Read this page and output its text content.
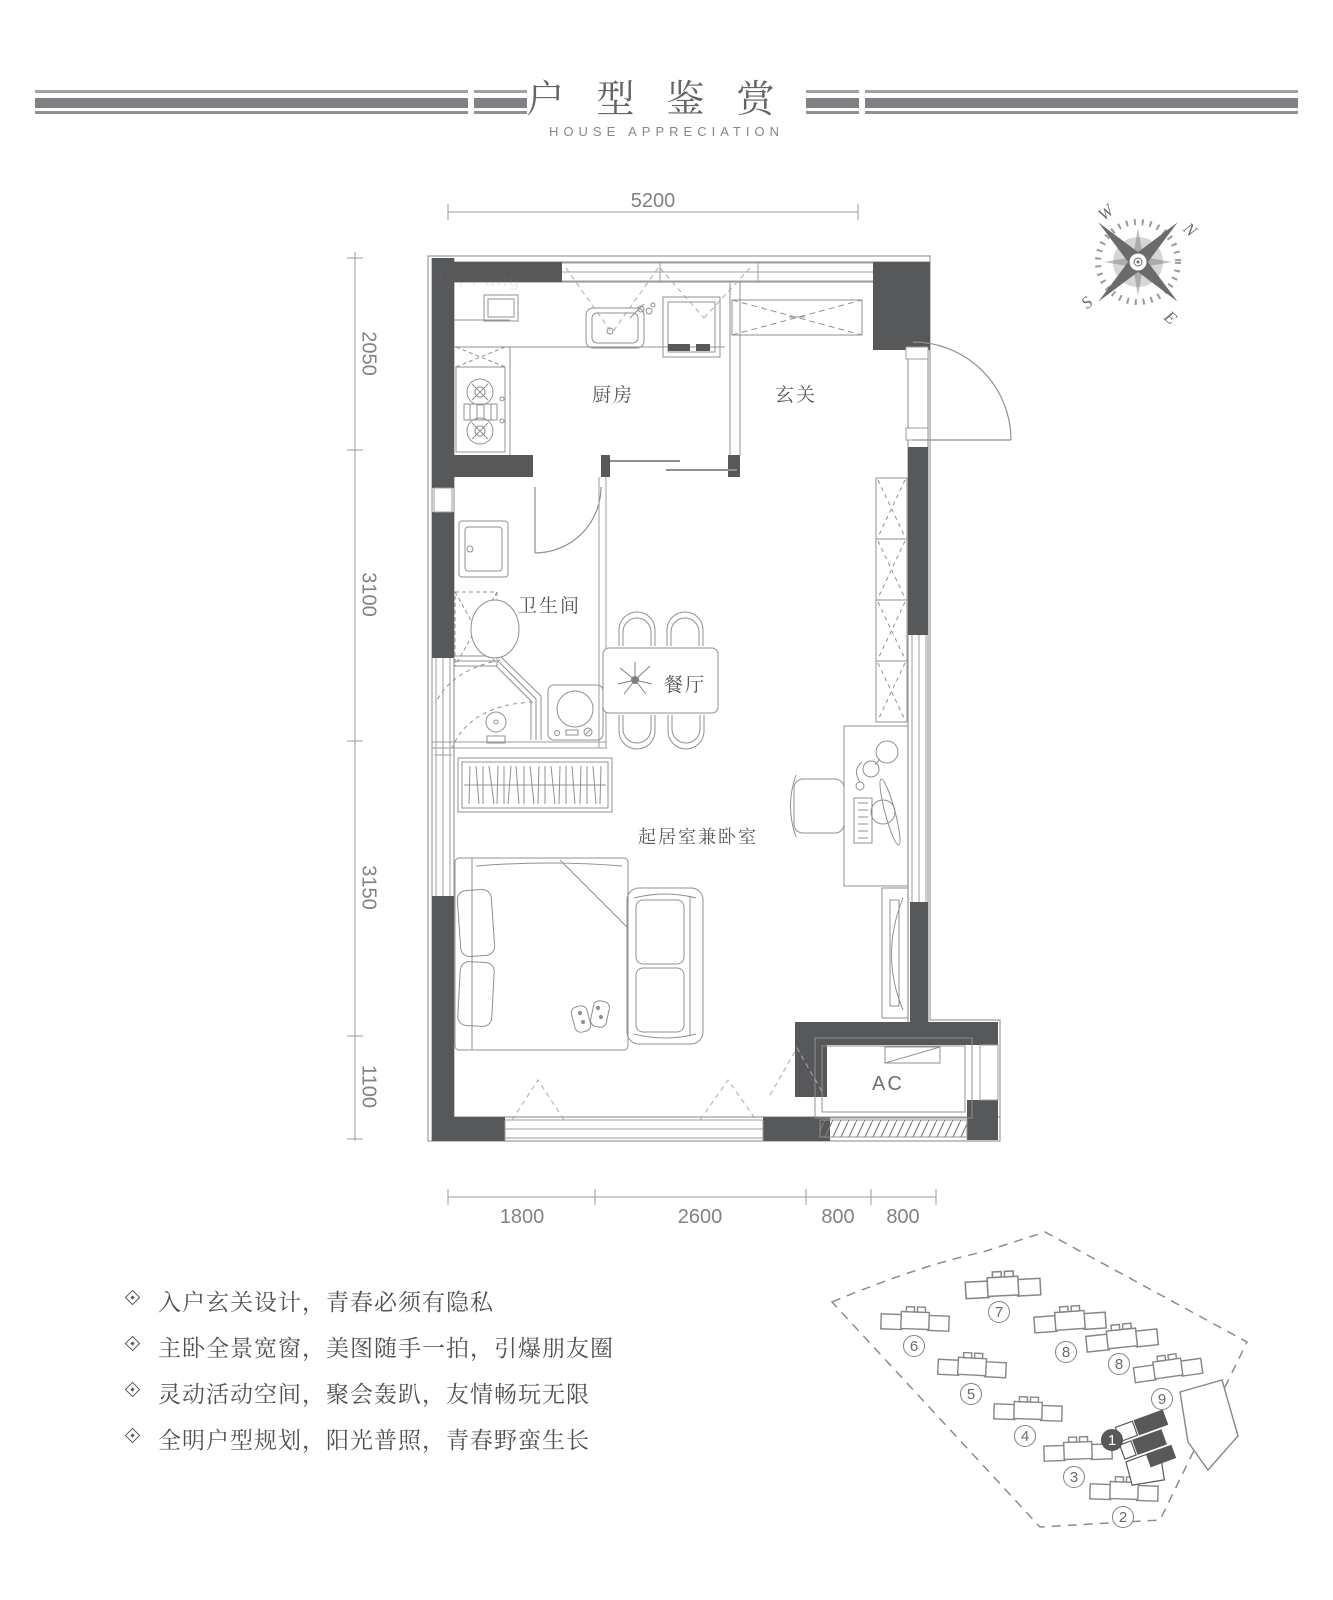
户型鉴赏
HOUSE APPRECIATION
天下Fang
厨房	玄关
卫生间
餐厅
起居室兼卧室
AC
5200
2050
3100
3150
1100
1800	2600	800	800
W
N
S
E
入户玄关设计，青春必须有隐私
主卧全景宽窗，美图随手一拍，引爆朋友圈
灵动活动空间，聚会轰趴，友情畅玩无限
全明户型规划，阳光普照，青春野蛮生长
7
6	8
8
5	9
4
3
2
1
